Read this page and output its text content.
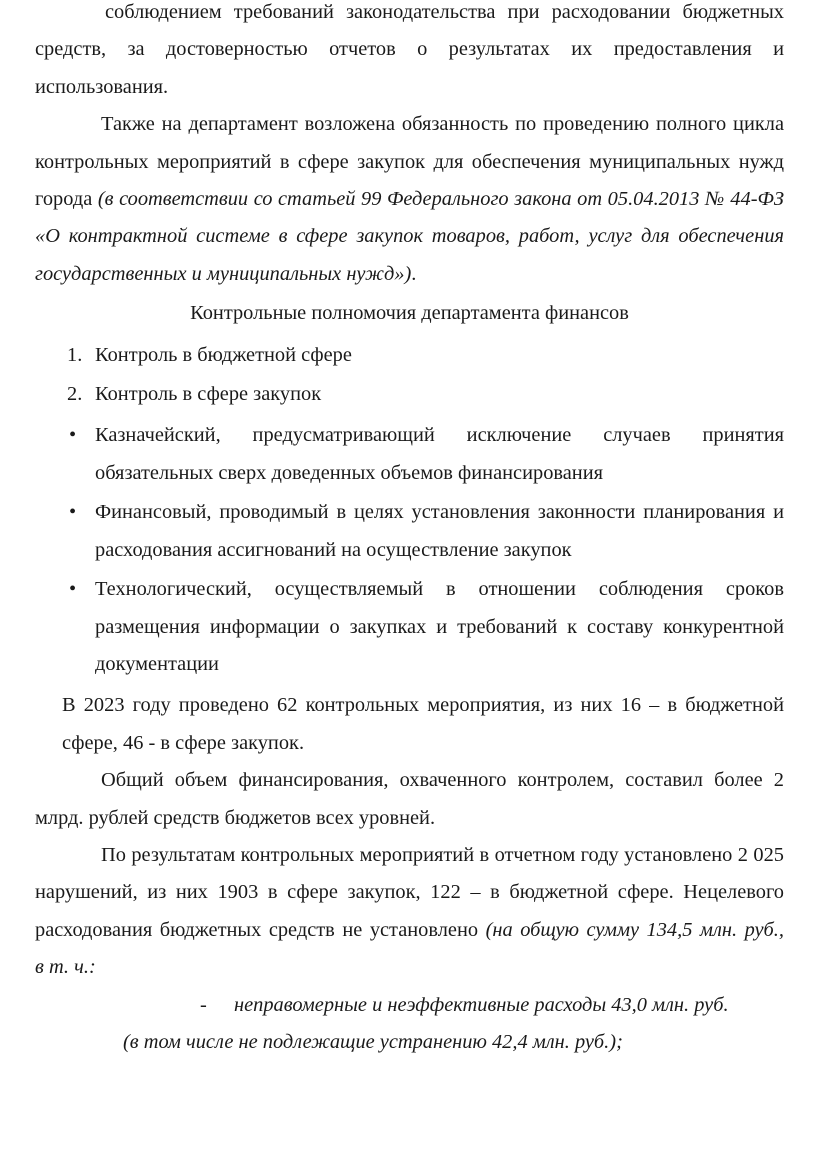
соблюдением требований законодательства при расходовании бюджетных средств, за достоверностью отчетов о результатах их предоставления и использования.

Также на департамент возложена обязанность по проведению полного цикла контрольных мероприятий в сфере закупок для обеспечения муниципальных нужд города (в соответствии со статьей 99 Федерального закона от 05.04.2013 № 44-ФЗ «О контрактной системе в сфере закупок товаров, работ, услуг для обеспечения государственных и муниципальных нужд»).

Контрольные полномочия департамента финансов

1. Контроль в бюджетной сфере
2. Контроль в сфере закупок
• Казначейский, предусматривающий исключение случаев принятия обязательных сверх доведенных объемов финансирования
• Финансовый, проводимый в целях установления законности планирования и расходования ассигнований на осуществление закупок
• Технологический, осуществляемый в отношении соблюдения сроков размещения информации о закупках и требований к составу конкурентной документации

В 2023 году проведено 62 контрольных мероприятия, из них 16 – в бюджетной сфере, 46 - в сфере закупок.

Общий объем финансирования, охваченного контролем, составил более 2 млрд. рублей средств бюджетов всех уровней.

По результатам контрольных мероприятий в отчетном году установлено 2 025 нарушений, из них 1903 в сфере закупок, 122 – в бюджетной сфере. Нецелевого расходования бюджетных средств не установлено (на общую сумму 134,5 млн. руб.,      в т. ч.:

- неправомерные и неэффективные расходы 43,0 млн. руб.

(в том числе не подлежащие устранению 42,4 млн. руб.);
